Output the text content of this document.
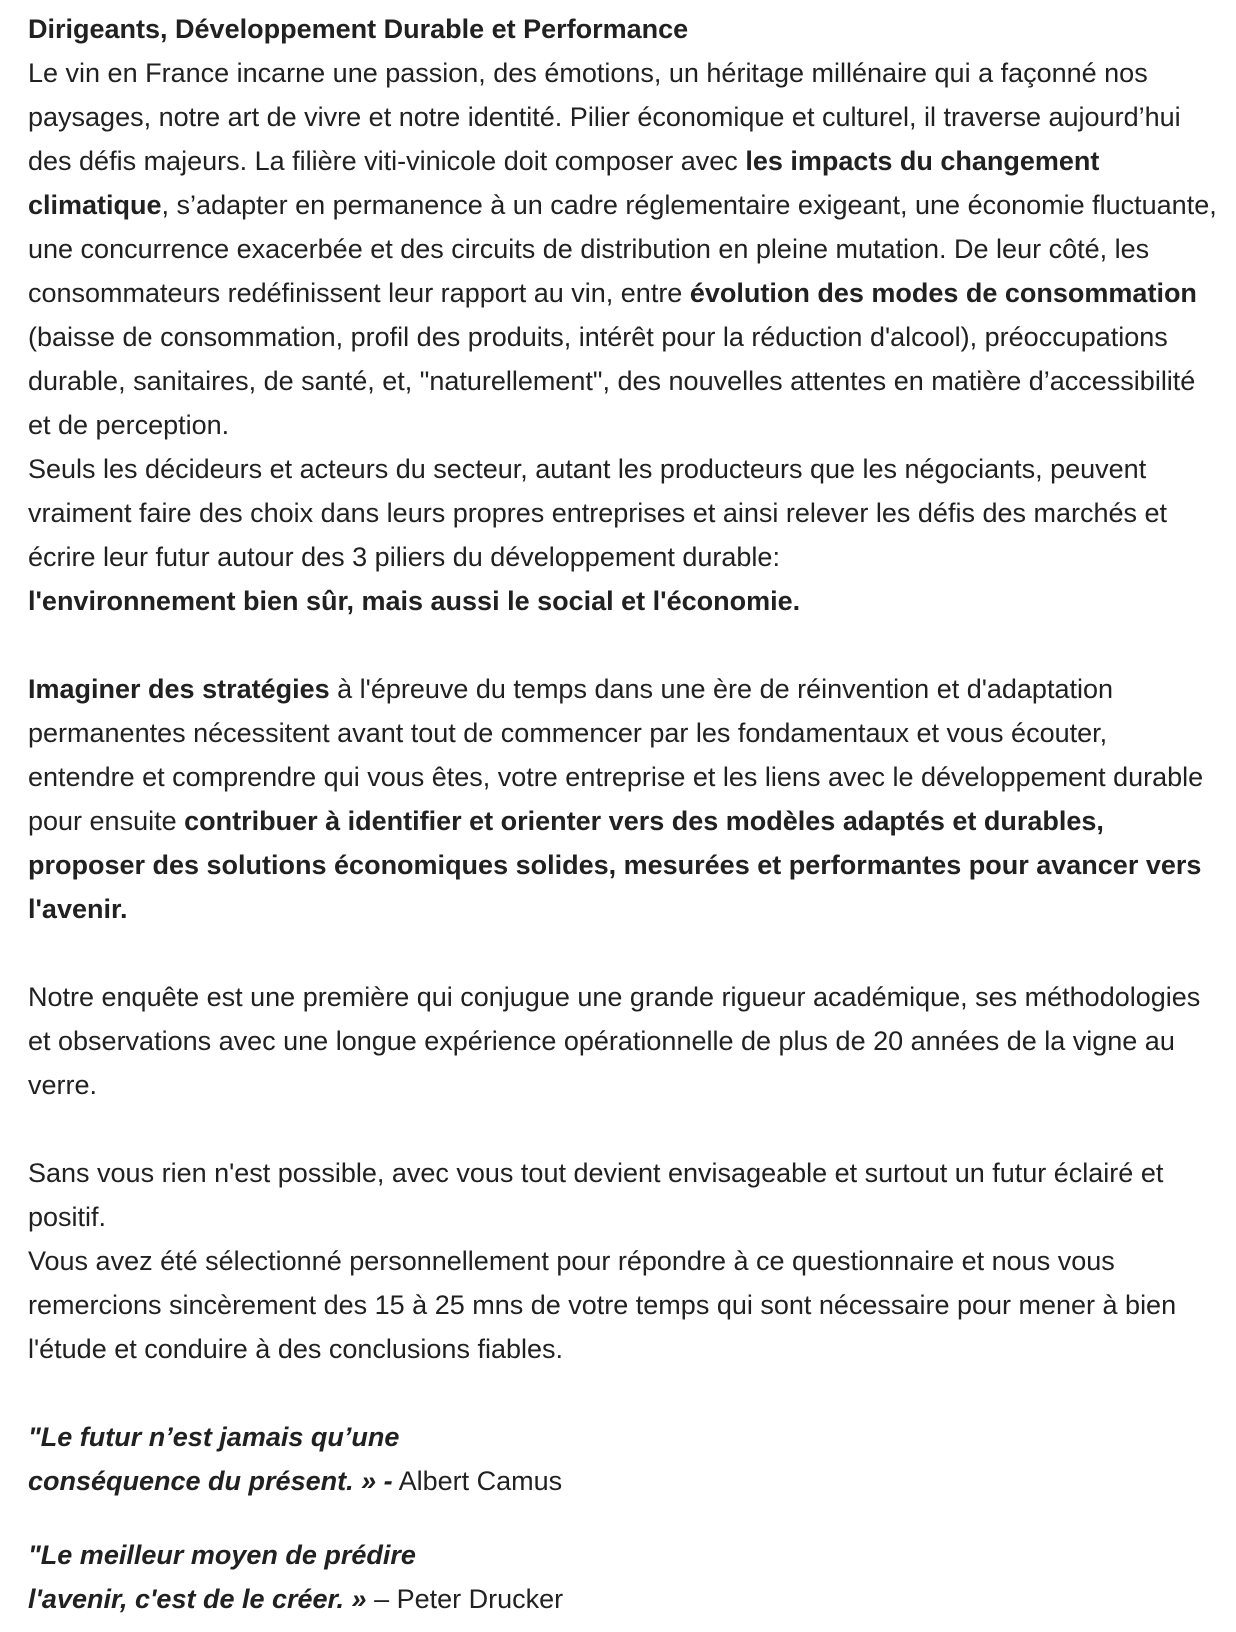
Dirigeants, Développement Durable et Performance

Le vin en France incarne une passion, des émotions, un héritage millénaire qui a façonné nos paysages, notre art de vivre et notre identité. Pilier économique et culturel, il traverse aujourd’hui des défis majeurs. La filière viti-vinicole doit composer avec les impacts du changement climatique, s’adapter en permanence à un cadre réglementaire exigeant, une économie fluctuante, une concurrence exacerbée et des circuits de distribution en pleine mutation. De leur côté, les consommateurs redéfinissent leur rapport au vin, entre évolution des modes de consommation (baisse de consommation, profil des produits, intérêt pour la réduction d'alcool), préoccupations durable, sanitaires, de santé, et, "naturellement", des nouvelles attentes en matière d’accessibilité et de perception.

Seuls les décideurs et acteurs du secteur, autant les producteurs que les négociants, peuvent vraiment faire des choix dans leurs propres entreprises et ainsi relever les défis des marchés et écrire leur futur autour des 3 piliers du développement durable:
l'environnement bien sûr, mais aussi le social et l'économie.

Imaginer des stratégies à l'épreuve du temps dans une ère de réinvention et d'adaptation permanentes nécessitent avant tout de commencer par les fondamentaux et vous écouter, entendre et comprendre qui vous êtes, votre entreprise et les liens avec le développement durable pour ensuite contribuer à identifier et orienter vers des modèles adaptés et durables, proposer des solutions économiques solides, mesurées et performantes pour avancer vers l'avenir.

Notre enquête est une première qui conjugue une grande rigueur académique, ses méthodologies et observations avec une longue expérience opérationnelle de plus de 20 années de la vigne au verre.

Sans vous rien n'est possible, avec vous tout devient envisageable et surtout un futur éclairé et positif.

Vous avez été sélectionné personnellement pour répondre à ce questionnaire et nous vous remercions sincèrement des 15 à 25 mns de votre temps qui sont nécessaire pour mener à bien l'étude et conduire à des conclusions fiables.

"Le futur n’est jamais qu’une
conséquence du présent. » - Albert Camus

"Le meilleur moyen de prédire
l'avenir, c'est de le créer. » – Peter Drucker
